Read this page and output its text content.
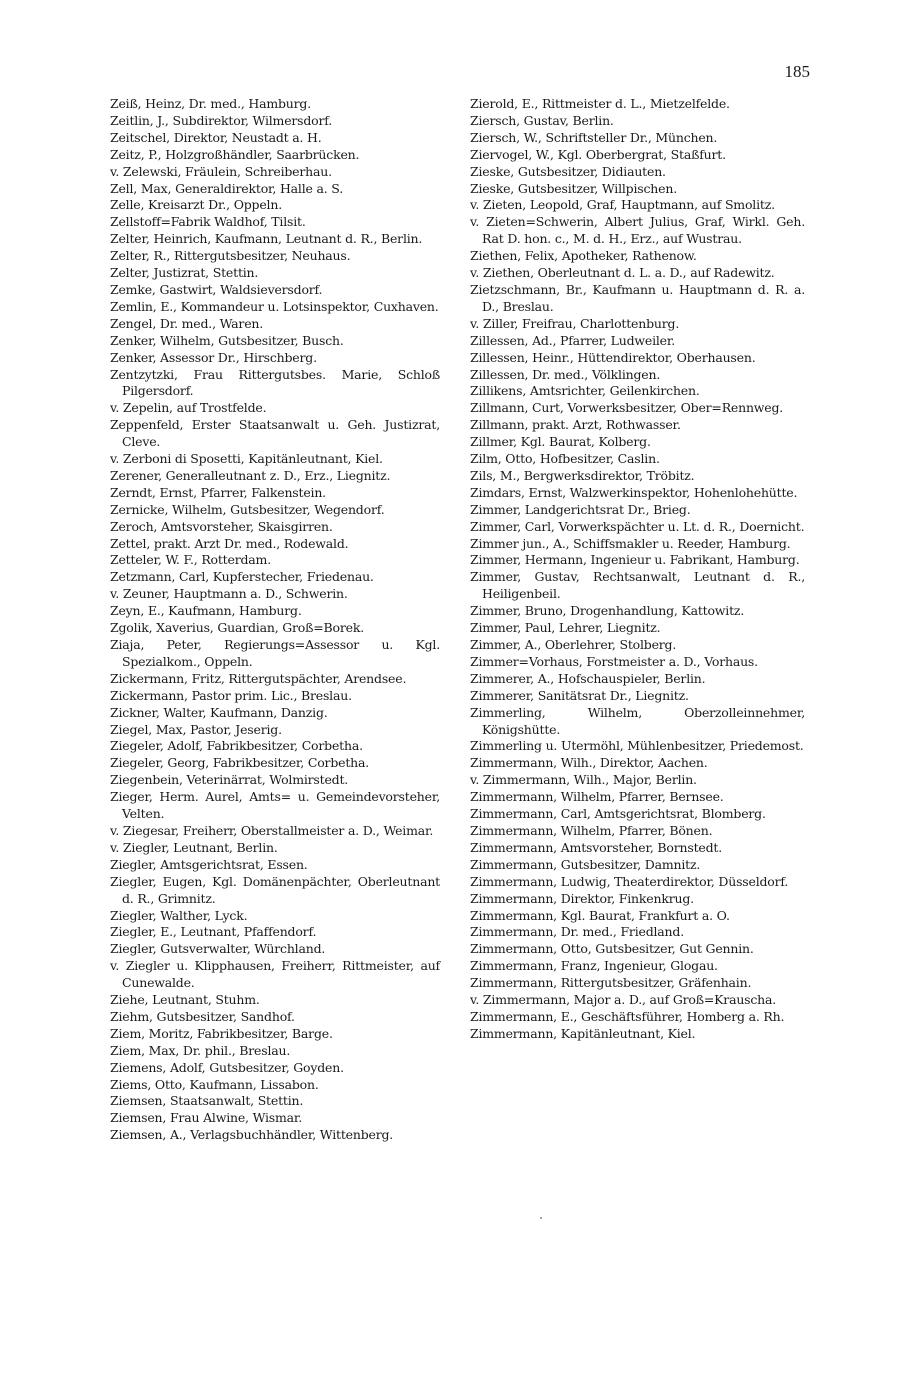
185
Zeiß, Heinz, Dr. med., Hamburg.
Zeitlin, J., Subdirektor, Wilmersdorf.
Zeitschel, Direktor, Neustadt a. H.
Zeitz, P., Holzgroßhändler, Saarbrücken.
v. Zelewski, Fräulein, Schreiberhau.
Zell, Max, Generaldirektor, Halle a. S.
Zelle, Kreisarzt Dr., Oppeln.
Zellstoff=Fabrik Waldhof, Tilsit.
Zelter, Heinrich, Kaufmann, Leutnant d. R., Berlin.
Zelter, R., Rittergutsbesitzer, Neuhaus.
Zelter, Justizrat, Stettin.
Zemke, Gastwirt, Waldsieversdorf.
Zemlin, E., Kommandeur u. Lotsinspektor, Cuxhaven.
Zengel, Dr. med., Waren.
Zenker, Wilhelm, Gutsbesitzer, Busch.
Zenker, Assessor Dr., Hirschberg.
Zentzytzki, Frau Rittergutsbes. Marie, Schloß Pilgersdorf.
v. Zepelin, auf Trostfelde.
Zeppenfeld, Erster Staatsanwalt u. Geh. Justizrat, Cleve.
v. Zerboni di Sposetti, Kapitänleutnant, Kiel.
Zerener, Generalleutnant z. D., Erz., Liegnitz.
Zerndt, Ernst, Pfarrer, Falkenstein.
Zernicke, Wilhelm, Gutsbesitzer, Wegendorf.
Zeroch, Amtsvorsteher, Skaisgirren.
Zettel, prakt. Arzt Dr. med., Rodewald.
Zetteler, W. F., Rotterdam.
Zetzmann, Carl, Kupferstecher, Friedenau.
v. Zeuner, Hauptmann a. D., Schwerin.
Zeyn, E., Kaufmann, Hamburg.
Zgolik, Xaverius, Guardian, Groß=Borek.
Ziaja, Peter, Regierungs=Assessor u. Kgl. Spezialkom., Oppeln.
Zickermann, Fritz, Rittergutspächter, Arendsee.
Zickermann, Pastor prim. Lic., Breslau.
Zickner, Walter, Kaufmann, Danzig.
Ziegel, Max, Pastor, Jeserig.
Ziegeler, Adolf, Fabrikbesitzer, Corbetha.
Ziegeler, Georg, Fabrikbesitzer, Corbetha.
Ziegenbein, Veterinärrat, Wolmirstedt.
Zieger, Herm. Aurel, Amts= u. Gemeindevorsteher, Velten.
v. Ziegesar, Freiherr, Oberstallmeister a. D., Weimar.
v. Ziegler, Leutnant, Berlin.
Ziegler, Amtsgerichtsrat, Essen.
Ziegler, Eugen, Kgl. Domänenpächter, Oberleutnant d. R., Grimnitz.
Ziegler, Walther, Lyck.
Ziegler, E., Leutnant, Pfaffendorf.
Ziegler, Gutsverwalter, Würchland.
v. Ziegler u. Klipphausen, Freiherr, Rittmeister, auf Cunewalde.
Ziehe, Leutnant, Stuhm.
Ziehm, Gutsbesitzer, Sandhof.
Ziem, Moritz, Fabrikbesitzer, Barge.
Ziem, Max, Dr. phil., Breslau.
Ziemens, Adolf, Gutsbesitzer, Goyden.
Ziems, Otto, Kaufmann, Lissabon.
Ziemsen, Staatsanwalt, Stettin.
Ziemsen, Frau Alwine, Wismar.
Ziemsen, A., Verlagsbuchhändler, Wittenberg.
Zierold, E., Rittmeister d. L., Mietzelfelde.
Ziersch, Gustav, Berlin.
Ziersch, W., Schriftsteller Dr., München.
Ziervogel, W., Kgl. Oberbergrat, Staßfurt.
Zieske, Gutsbesitzer, Didiauten.
Zieske, Gutsbesitzer, Willpischen.
v. Zieten, Leopold, Graf, Hauptmann, auf Smolitz.
v. Zieten=Schwerin, Albert Julius, Graf, Wirkl. Geh. Rat D. hon. c., M. d. H., Erz., auf Wustrau.
Ziethen, Felix, Apotheker, Rathenow.
v. Ziethen, Oberleutnant d. L. a. D., auf Radewitz.
Zietzschmann, Br., Kaufmann u. Hauptmann d. R. a. D., Breslau.
v. Ziller, Freifrau, Charlottenburg.
Zillessen, Ad., Pfarrer, Ludweiler.
Zillessen, Heinr., Hüttendirektor, Oberhausen.
Zillessen, Dr. med., Völklingen.
Zillikens, Amtsrichter, Geilenkirchen.
Zillmann, Curt, Vorwerksbesitzer, Ober=Rennweg.
Zillmann, prakt. Arzt, Rothwasser.
Zillmer, Kgl. Baurat, Kolberg.
Zilm, Otto, Hofbesitzer, Caslin.
Zils, M., Bergwerksdirektor, Tröbitz.
Zimdars, Ernst, Walzwerkinspektor, Hohenlohehütte.
Zimmer, Landgerichtsrat Dr., Brieg.
Zimmer, Carl, Vorwerkspächter u. Lt. d. R., Doernicht.
Zimmer jun., A., Schiffsmakler u. Reeder, Hamburg.
Zimmer, Hermann, Ingenieur u. Fabrikant, Hamburg.
Zimmer, Gustav, Rechtsanwalt, Leutnant d. R., Heiligenbeil.
Zimmer, Bruno, Drogenhandlung, Kattowitz.
Zimmer, Paul, Lehrer, Liegnitz.
Zimmer, A., Oberlehrer, Stolberg.
Zimmer=Vorhaus, Forstmeister a. D., Vorhaus.
Zimmerer, A., Hofschauspieler, Berlin.
Zimmerer, Sanitätsrat Dr., Liegnitz.
Zimmerling, Wilhelm, Oberzolleinnehmer, Königshütte.
Zimmerling u. Utermöhl, Mühlenbesitzer, Priedemost.
Zimmermann, Wilh., Direktor, Aachen.
v. Zimmermann, Wilh., Major, Berlin.
Zimmermann, Wilhelm, Pfarrer, Bernsee.
Zimmermann, Carl, Amtsgerichtsrat, Blomberg.
Zimmermann, Wilhelm, Pfarrer, Bönen.
Zimmermann, Amtsvorsteher, Bornstedt.
Zimmermann, Gutsbesitzer, Damnitz.
Zimmermann, Ludwig, Theaterdirektor, Düsseldorf.
Zimmermann, Direktor, Finkenkrug.
Zimmermann, Kgl. Baurat, Frankfurt a. O.
Zimmermann, Dr. med., Friedland.
Zimmermann, Otto, Gutsbesitzer, Gut Gennin.
Zimmermann, Franz, Ingenieur, Glogau.
Zimmermann, Rittergutsbesitzer, Gräfenhain.
v. Zimmermann, Major a. D., auf Groß=Krauscha.
Zimmermann, E., Geschäftsführer, Homberg a. Rh.
Zimmermann, Kapitänleutnant, Kiel.
